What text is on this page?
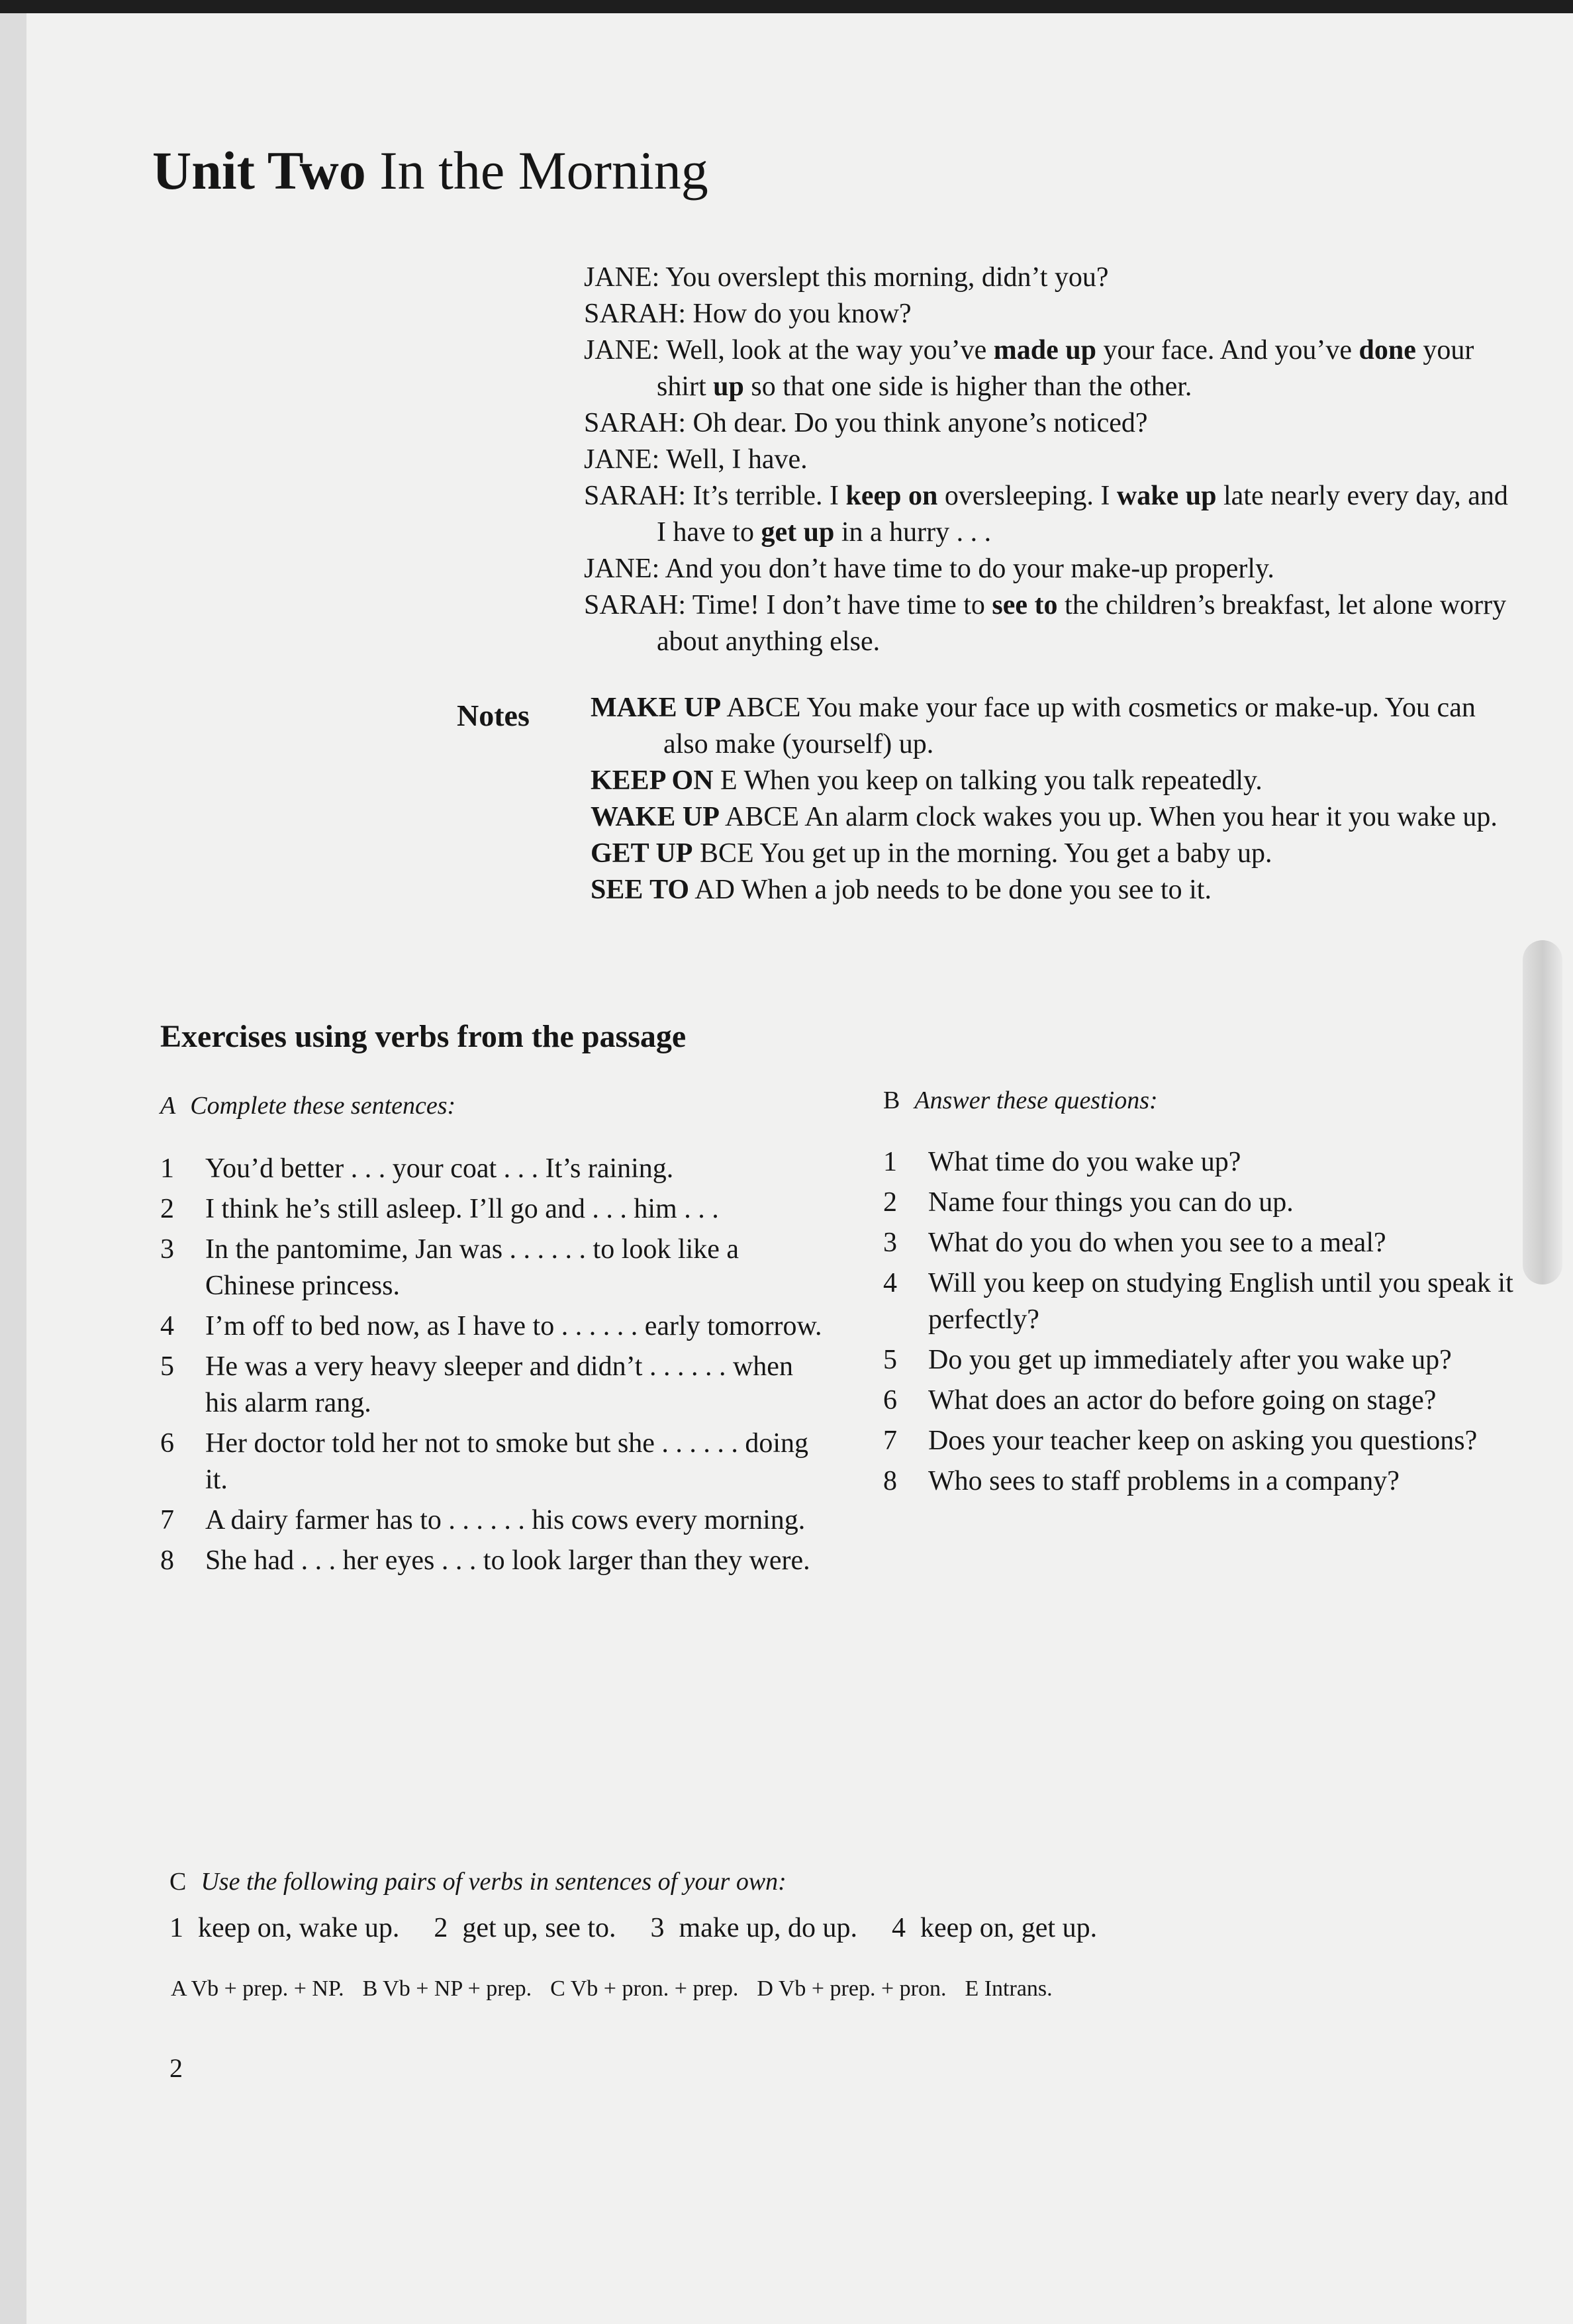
Unit Two In the Morning
JANE: You overslept this morning, didn’t you?
SARAH: How do you know?
JANE: Well, look at the way you’ve made up your face. And you’ve done your shirt up so that one side is higher than the other.
SARAH: Oh dear. Do you think anyone’s noticed?
JANE: Well, I have.
SARAH: It’s terrible. I keep on oversleeping. I wake up late nearly every day, and I have to get up in a hurry . . .
JANE: And you don’t have time to do your make-up properly.
SARAH: Time! I don’t have time to see to the children’s breakfast, let alone worry about anything else.
Notes MAKE UP ABCE You make your face up with cosmetics or make-up. You can also make (yourself) up.
KEEP ON E When you keep on talking you talk repeatedly.
WAKE UP ABCE An alarm clock wakes you up. When you hear it you wake up.
GET UP BCE You get up in the morning. You get a baby up.
SEE TO AD When a job needs to be done you see to it.
Exercises using verbs from the passage
A Complete these sentences:
1 You’d better . . . your coat . . . It’s raining.
2 I think he’s still asleep. I’ll go and . . . him . . .
3 In the pantomime, Jan was . . . . . . to look like a Chinese princess.
4 I’m off to bed now, as I have to . . . . . . early tomorrow.
5 He was a very heavy sleeper and didn’t . . . . . . when his alarm rang.
6 Her doctor told her not to smoke but she . . . . . . doing it.
7 A dairy farmer has to . . . . . . his cows every morning.
8 She had . . . her eyes . . . to look larger than they were.
B Answer these questions:
1 What time do you wake up?
2 Name four things you can do up.
3 What do you do when you see to a meal?
4 Will you keep on studying English until you speak it perfectly?
5 Do you get up immediately after you wake up?
6 What does an actor do before going on stage?
7 Does your teacher keep on asking you questions?
8 Who sees to staff problems in a company?
C Use the following pairs of verbs in sentences of your own:
1 keep on, wake up. 2 get up, see to. 3 make up, do up. 4 keep on, get up.
A Vb + prep. + NP. B Vb + NP + prep. C Vb + pron. + prep. D Vb + prep. + pron. E Intrans.
2
